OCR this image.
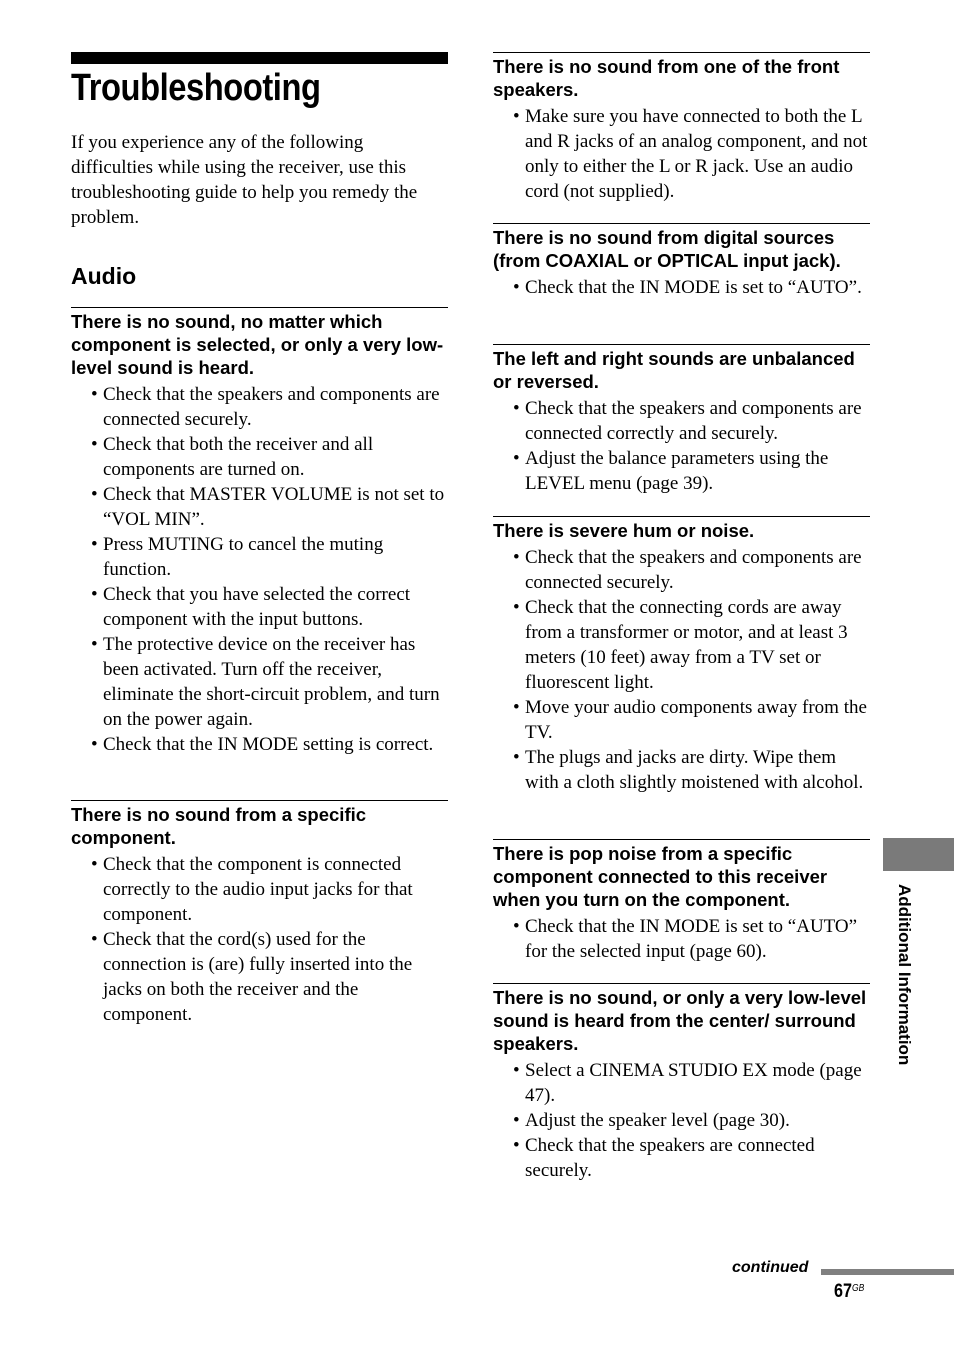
Troubleshooting

If you experience any of the following difficulties while using the receiver, use this troubleshooting guide to help you remedy the problem.

Audio
There is no sound, no matter which component is selected, or only a very low-level sound is heard.
• Check that the speakers and components are connected securely.
• Check that both the receiver and all components are turned on.
• Check that MASTER VOLUME is not set to “VOL MIN”.
• Press MUTING to cancel the muting function.
• Check that you have selected the correct component with the input buttons.
• The protective device on the receiver has been activated. Turn off the receiver, eliminate the short-circuit problem, and turn on the power again.
• Check that the IN MODE setting is correct.
There is no sound from a specific component.
• Check that the component is connected correctly to the audio input jacks for that component.
• Check that the cord(s) used for the connection is (are) fully inserted into the jacks on both the receiver and the component.
There is no sound from one of the front speakers.
• Make sure you have connected to both the L and R jacks of an analog component, and not only to either the L or R jack. Use an audio cord (not supplied).
There is no sound from digital sources (from COAXIAL or OPTICAL input jack).
• Check that the IN MODE is set to “AUTO”.
The left and right sounds are unbalanced or reversed.
• Check that the speakers and components are connected correctly and securely.
• Adjust the balance parameters using the LEVEL menu (page 39).
There is severe hum or noise.
• Check that the speakers and components are connected securely.
• Check that the connecting cords are away from a transformer or motor, and at least 3 meters (10 feet) away from a TV set or fluorescent light.
• Move your audio components away from the TV.
• The plugs and jacks are dirty. Wipe them with a cloth slightly moistened with alcohol.
There is pop noise from a specific component connected to this receiver when you turn on the component.
• Check that the IN MODE is set to “AUTO” for the selected input (page 60).
There is no sound, or only a very low-level sound is heard from the center/ surround speakers.
• Select a CINEMA STUDIO EX mode (page 47).
• Adjust the speaker level (page 30).
• Check that the speakers are connected securely.
Additional Information
continued
$67^{GB}$
